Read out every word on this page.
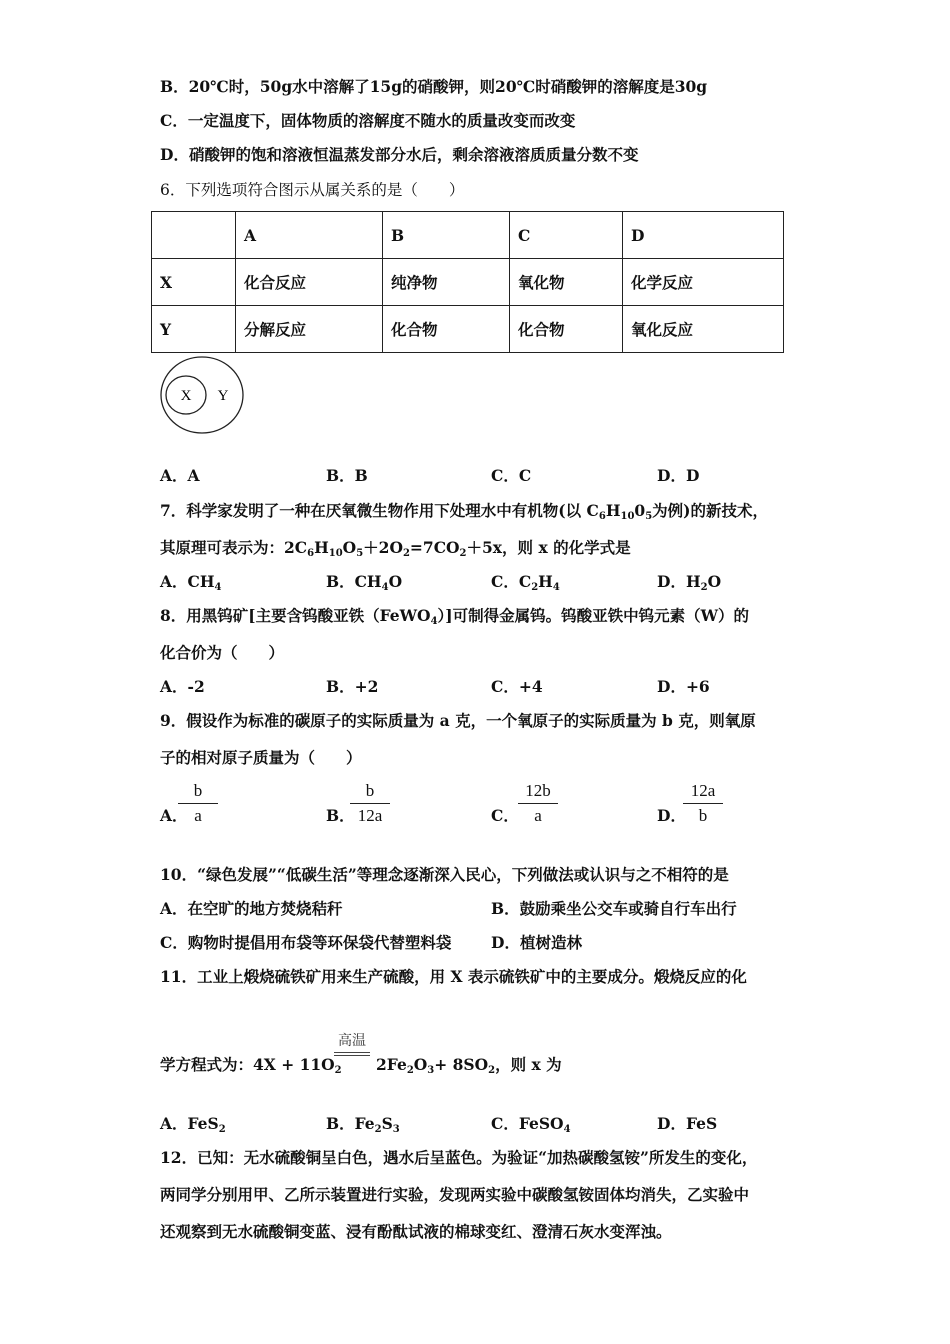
B．20℃时，50g水中溶解了15g的硝酸钾，则20℃时硝酸钾的溶解度是30g
C．一定温度下，固体物质的溶解度不随水的质量改变而改变
D．硝酸钾的饱和溶液恒温蒸发部分水后，剩余溶液溶质质量分数不变
6．下列选项符合图示从属关系的是（　　）
	A	B	C	D
X	化合反应	纯净物	氧化物	化学反应
Y	分解反应	化合物	化合物	氧化反应
X Y
A．A	B．B	C．C	D．D
7．科学家发明了一种在厌氧微生物作用下处理水中有机物(以 $C_6H_{10}0_5$为例)的新技术，
其原理可表示为：$2C_6H_{10}O_5+2O_2=7CO_2+5x$，则 x 的化学式是
A．$CH_4$	B．$CH_4O$	C．$C_2H_4$	D．$H_2O$
8．用黑钨矿[主要含钨酸亚铁（FeWO$_4$）]可制得金属钨。钨酸亚铁中钨元素（W）的
化合价为（　　）
A．-2	B．+2	C．+4	D．+6
9．假设作为标准的碳原子的实际质量为 a 克，一个氧原子的实际质量为 b 克，则氧原
子的相对原子质量为（　　）
A．
b
a	B．
b
12a	C．
12b
a	D．
12a
b
10．“绿色发展”“低碳生活”等理念逐渐深入民心，下列做法或认识与之不相符的是
A．在空旷的地方焚烧秸秆	B．鼓励乘坐公交车或骑自行车出行
C．购物时提倡用布袋等环保袋代替塑料袋	D．植树造林
11．工业上煅烧硫铁矿用来生产硫酸，用 X 表示硫铁矿中的主要成分。煅烧反应的化
高温
学方程式为：$4X + 11O_2$ $2Fe_2O_3+ 8SO_2$，则 x 为
A．FeS$_2$	B．$Fe_2S_3$	C．FeSO$_4$	D．FeS
12．已知：无水硫酸铜呈白色，遇水后呈蓝色。为验证“加热碳酸氢铵”所发生的变化，
两同学分别用甲、乙所示装置进行实验，发现两实验中碳酸氢铵固体均消失，乙实验中
还观察到无水硫酸铜变蓝、浸有酚酞试液的棉球变红、澄清石灰水变浑浊。
